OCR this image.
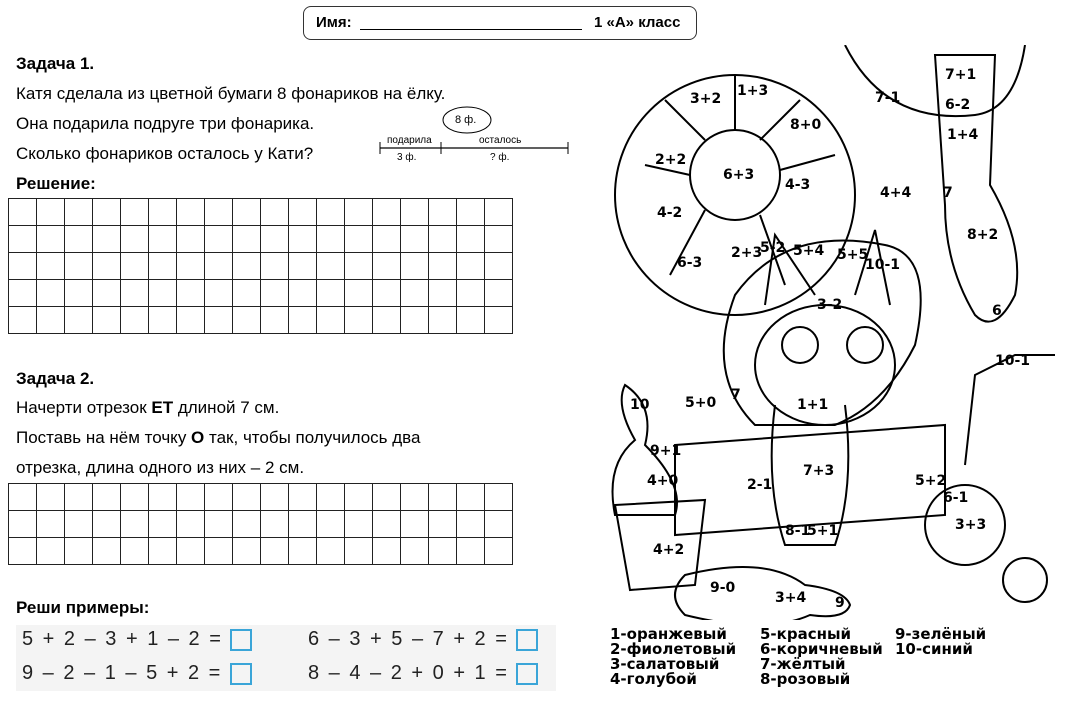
Имя:	1 «А» класс
Задача 1.
Катя сделала из цветной бумаги 8 фонариков на ёлку.
Она подарила подруге три фонарика.
Сколько фонариков осталось у Кати?
8 ф.
подарила	осталось
3 ф.	? ф.
Решение:
Задача 2.
Начерти отрезок ЕТ длиной 7 см.
Поставь на нём точку О так, чтобы получилось два
отрезка, длина одного из них – 2 см.
Реши примеры:
5 + 2 – 3 + 1 – 2 =	6 – 3 + 5 – 7 + 2 =
9 – 2 – 1 – 5 + 2 =	8 – 4 – 2 + 0 + 1 =
7+1
6-2
1+4
7-1
3+2 1+3
8+0
2+2
6+3
4-3	4+4 7
4-2
8+2
6-3
2+3
5-2 5+4 5+5
10-1
3-2	6
10-1
10	5+0	1+1
7
9+1
4+0	2-1
7+3
5+2
6-1
3+3
4+2
9-0
3+4 9
8-1
5+1
1-оранжевый
2-фиолетовый
3-салатовый
4-голубой
5-красный
6-коричневый
7-жёлтый
8-розовый
9-зелёный
10-синий
